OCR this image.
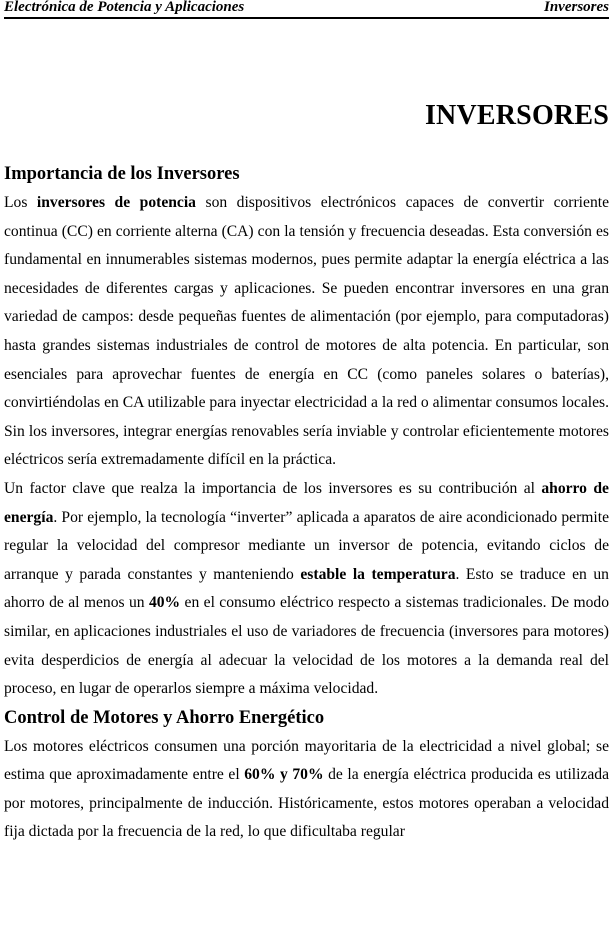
Electrónica de Potencia y Aplicaciones	Inversores
INVERSORES
Importancia de los Inversores

Los inversores de potencia son dispositivos electrónicos capaces de convertir corriente continua (CC) en corriente alterna (CA) con la tensión y frecuencia deseadas. Esta conversión es fundamental en innumerables sistemas modernos, pues permite adaptar la energía eléctrica a las necesidades de diferentes cargas y aplicaciones. Se pueden encontrar inversores en una gran variedad de campos: desde pequeñas fuentes de alimentación (por ejemplo, para computadoras) hasta grandes sistemas industriales de control de motores de alta potencia. En particular, son esenciales para aprovechar fuentes de energía en CC (como paneles solares o baterías), convirtiéndolas en CA utilizable para inyectar electricidad a la red o alimentar consumos locales. Sin los inversores, integrar energías renovables sería inviable y controlar eficientemente motores eléctricos sería extremadamente difícil en la práctica.

Un factor clave que realza la importancia de los inversores es su contribución al ahorro de energía. Por ejemplo, la tecnología “inverter” aplicada a aparatos de aire acondicionado permite regular la velocidad del compresor mediante un inversor de potencia, evitando ciclos de arranque y parada constantes y manteniendo estable la temperatura. Esto se traduce en un ahorro de al menos un 40% en el consumo eléctrico respecto a sistemas tradicionales. De modo similar, en aplicaciones industriales el uso de variadores de frecuencia (inversores para motores) evita desperdicios de energía al adecuar la velocidad de los motores a la demanda real del proceso, en lugar de operarlos siempre a máxima velocidad.

Control de Motores y Ahorro Energético

Los motores eléctricos consumen una porción mayoritaria de la electricidad a nivel global; se estima que aproximadamente entre el 60% y 70% de la energía eléctrica producida es utilizada por motores, principalmente de inducción. Históricamente, estos motores operaban a velocidad fija dictada por la frecuencia de la red, lo que dificultaba regular
